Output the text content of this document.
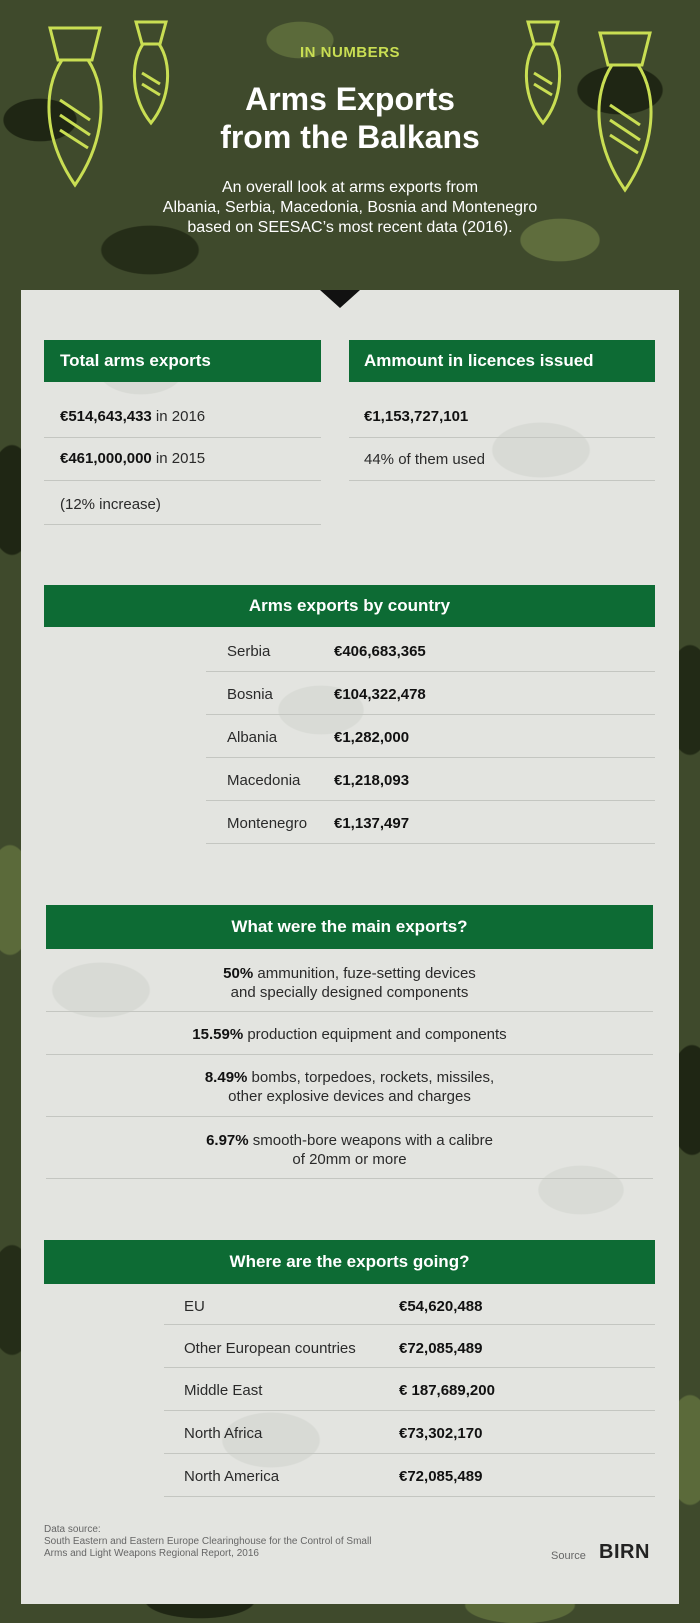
IN NUMBERS
Arms Exports
from the Balkans
An overall look at arms exports from
Albania, Serbia, Macedonia, Bosnia and Montenegro
based on SEESAC’s most recent data (2016).
Total arms exports
€514,643,433 in 2016
€461,000,000 in 2015
(12% increase)
Ammount in licences issued
€1,153,727,101
44% of them used
Arms exports by country
Serbia	€406,683,365
Bosnia	€104,322,478
Albania	€1,282,000
Macedonia €1,218,093
Montenegro €1,137,497
What were the main exports?
50% ammunition, fuze-setting devices
and specially designed components
15.59% production equipment and components
8.49% bombs, torpedoes, rockets, missiles,
other explosive devices and charges
6.97% smooth-bore weapons with a calibre
of 20mm or more
Where are the exports going?
EU	€54,620,488
Other European countries	€72,085,489
Middle East	€ 187,689,200
North Africa	€73,302,170
North America	€72,085,489
Data source:
South Eastern and Eastern Europe Clearinghouse for the Control of Small
Arms and Light Weapons Regional Report, 2016	Source BIRN
